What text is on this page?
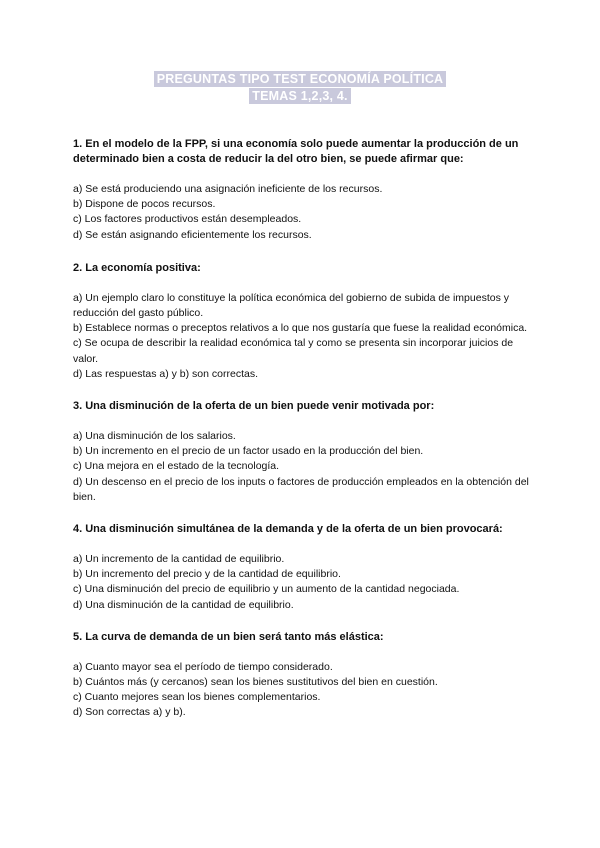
PREGUNTAS TIPO TEST ECONOMÍA POLÍTICA
TEMAS 1,2,3, 4.

1. En el modelo de la FPP, si una economía solo puede aumentar la producción de un determinado bien a costa de reducir la del otro bien, se puede afirmar que:

a) Se está produciendo una asignación ineficiente de los recursos.
b) Dispone de pocos recursos.
c) Los factores productivos están desempleados.
d) Se están asignando eficientemente los recursos.

2. La economía positiva:

a) Un ejemplo claro lo constituye la política económica del gobierno de subida de impuestos y reducción del gasto público.
b) Establece normas o preceptos relativos a lo que nos gustaría que fuese la realidad económica.
c) Se ocupa de describir la realidad económica tal y como se presenta sin incorporar juicios de valor.
d) Las respuestas a) y b) son correctas.

3. Una disminución de la oferta de un bien puede venir motivada por:

a) Una disminución de los salarios.
b) Un incremento en el precio de un factor usado en la producción del bien.
c) Una mejora en el estado de la tecnología.
d) Un descenso en el precio de los inputs o factores de producción empleados en la obtención del bien.

4. Una disminución simultánea de la demanda y de la oferta de un bien provocará:

a) Un incremento de la cantidad de equilibrio.
b) Un incremento del precio y de la cantidad de equilibrio.
c) Una disminución del precio de equilibrio y un aumento de la cantidad negociada.
d) Una disminución de la cantidad de equilibrio.

5. La curva de demanda de un bien será tanto más elástica:

a) Cuanto mayor sea el período de tiempo considerado.
b) Cuántos más (y cercanos) sean los bienes sustitutivos del bien en cuestión.
c) Cuanto mejores sean los bienes complementarios.
d) Son correctas a) y b).
